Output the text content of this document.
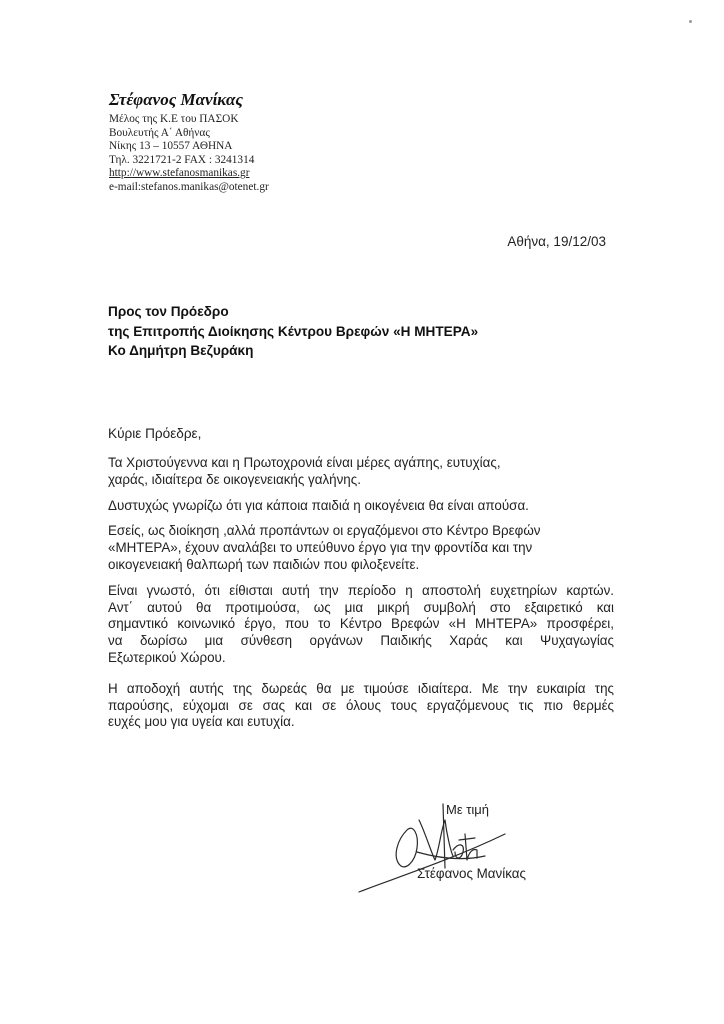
Στέφανος Μανίκας

Μέλος της Κ.Ε του ΠΑΣΟΚ

Βουλευτής Α΄ Αθήνας

Νίκης 13 – 10557 ΑΘΗΝΑ

Τηλ. 3221721-2 FAX : 3241314

http://www.stefanosmanikas.gr

e-mail:stefanos.manikas@otenet.gr

Αθήνα, 19/12/03

Προς τον Πρόεδρο

της Επιτροπής Διοίκησης Κέντρου Βρεφών «Η ΜΗΤΕΡΑ»

Κο Δημήτρη Βεζυράκη

Κύριε Πρόεδρε,

Τα Χριστούγεννα και η Πρωτοχρονιά είναι μέρες αγάπης, ευτυχίας,
χαράς, ιδιαίτερα δε οικογενειακής γαλήνης.

Δυστυχώς γνωρίζω ότι για κάποια παιδιά η οικογένεια θα είναι απούσα.

Εσείς, ως διοίκηση ,αλλά προπάντων οι εργαζόμενοι στο Κέντρο Βρεφών
«ΜΗΤΕΡΑ», έχουν αναλάβει το υπεύθυνο έργο για την φροντίδα και την
οικογενειακή θαλπωρή των παιδιών που φιλοξενείτε.

Είναι γνωστό, ότι είθισται αυτή την περίοδο η αποστολή ευχετηρίων καρτών.
Αντ΄ αυτού θα προτιμούσα, ως μια μικρή συμβολή στο εξαιρετικό και
σημαντικό κοινωνικό έργο, που το Κέντρο Βρεφών «Η ΜΗΤΕΡΑ» προσφέρει,
να δωρίσω μια σύνθεση οργάνων Παιδικής Χαράς και Ψυχαγωγίας
Εξωτερικού Χώρου.

Η αποδοχή αυτής της δωρεάς θα με τιμούσε ιδιαίτερα. Με την ευκαιρία της
παρούσης, εύχομαι σε σας και σε όλους τους εργαζόμενους τις πιο θερμές
ευχές μου για υγεία και ευτυχία.

Με τιμή
Στέφανος Μανίκας
